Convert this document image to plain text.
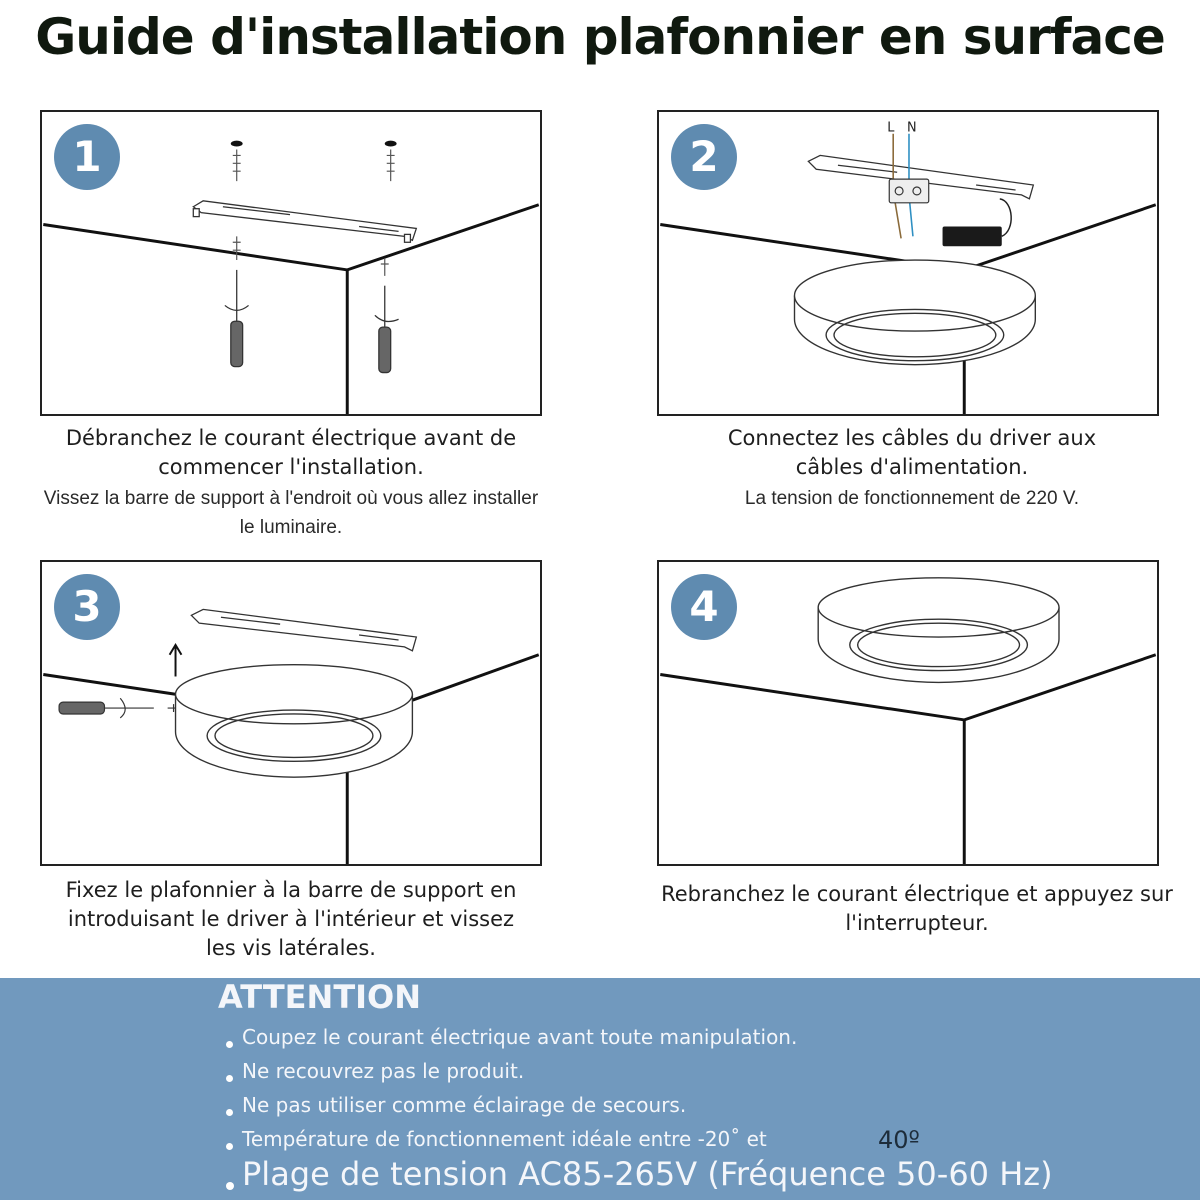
Guide d'installation plafonnier en surface
1
Débranchez le courant électrique avant de commencer l'installation.
Vissez la barre de support à l'endroit où vous allez installer le luminaire.
2
L N
Connectez les câbles du driver aux câbles d'alimentation.
La tension de fonctionnement de 220 V.
3
Fixez le plafonnier à la barre de support en introduisant le driver à l'intérieur et vissez les vis latérales.
4
Rebranchez le courant électrique et appuyez sur l'interrupteur.
ATTENTION
Coupez le courant électrique avant toute manipulation.
Ne recouvrez pas le produit.
Ne pas utiliser comme éclairage de secours.
Température de fonctionnement idéale entre -20˚ et
Plage de tension AC85-265V (Fréquence 50-60 Hz)
40º
